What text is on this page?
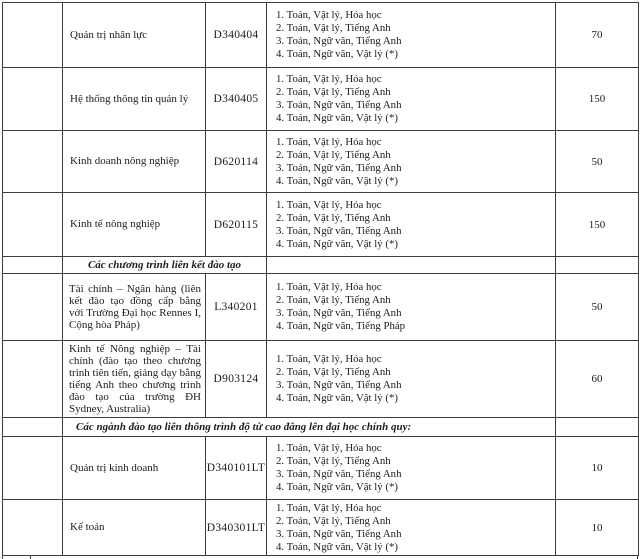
	Quản trị nhân lực	D340404	1. Toán, Vật lý, Hóa học
2. Toán, Vật lý, Tiếng Anh
3. Toán, Ngữ văn, Tiếng Anh
4. Toán, Ngữ văn, Vật lý (*)	70
	Hệ thống thông tin quản lý	D340405	1. Toán, Vật lý, Hóa học
2. Toán, Vật lý, Tiếng Anh
3. Toán, Ngữ văn, Tiếng Anh
4. Toán, Ngữ văn, Vật lý (*)	150
	Kinh doanh nông nghiệp	D620114	1. Toán, Vật lý, Hóa học
2. Toán, Vật lý, Tiếng Anh
3. Toán, Ngữ văn, Tiếng Anh
4. Toán, Ngữ văn, Vật lý (*)	50
	Kinh tế nông nghiệp	D620115	1. Toán, Vật lý, Hóa học
2. Toán, Vật lý, Tiếng Anh
3. Toán, Ngữ văn, Tiếng Anh
4. Toán, Ngữ văn, Vật lý (*)	150
	Các chương trình liên kết đào tạo			
	Tài chính – Ngân hàng (liên kết đào tạo đồng cấp bằng với Trường Đại học Rennes I, Cộng hòa Pháp)	L340201	1. Toán, Vật lý, Hóa học
2. Toán, Vật lý, Tiếng Anh
3. Toán, Ngữ văn, Tiếng Anh
4. Toán, Ngữ văn, Tiếng Pháp	50
	Kinh tế Nông nghiệp – Tài chính (đào tạo theo chương trình tiên tiến, giảng dạy bằng tiếng Anh theo chương trình đào tạo của trường ĐH Sydney, Australia)	D903124	1. Toán, Vật lý, Hóa học
2. Toán, Vật lý, Tiếng Anh
3. Toán, Ngữ văn, Tiếng Anh
4. Toán, Ngữ văn, Vật lý (*)	60
	Các ngành đào tạo liên thông trình độ từ cao đẳng lên đại học chính quy:			
	Quản trị kinh doanh	D340101LT	1. Toán, Vật lý, Hóa học
2. Toán, Vật lý, Tiếng Anh
3. Toán, Ngữ văn, Tiếng Anh
4. Toán, Ngữ văn, Vật lý (*)	10
	Kế toán	D340301LT	1. Toán, Vật lý, Hóa học
2. Toán, Vật lý, Tiếng Anh
3. Toán, Ngữ văn, Tiếng Anh
4. Toán, Ngữ văn, Vật lý (*)	10
